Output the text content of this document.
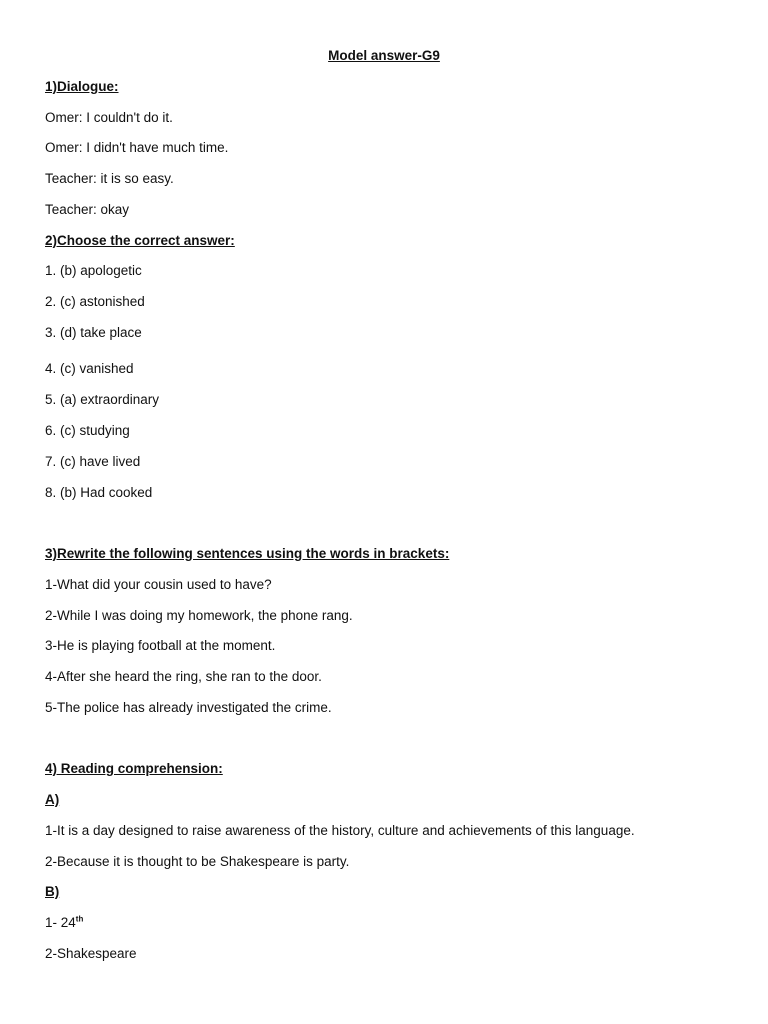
Model answer-G9
1)Dialogue:
Omer: I couldn't do it.
Omer: I didn't have much time.
Teacher: it is so easy.
Teacher: okay
2)Choose the correct answer:
1. (b) apologetic
2. (c) astonished
3. (d) take place
4. (c) vanished
5. (a) extraordinary
6. (c) studying
7. (c) have lived
8. (b) Had cooked
3)Rewrite the following sentences using the words in brackets:
1-What did your cousin used to have?
2-While I was doing my homework, the phone rang.
3-He is playing football at the moment.
4-After she heard the ring, she ran to the door.
5-The police has already investigated the crime.
4) Reading comprehension:
A)
1-It is a day designed to raise awareness of the history, culture and achievements of this language.
2-Because it is thought to be Shakespeare is party.
B)
1- 24th
2-Shakespeare
